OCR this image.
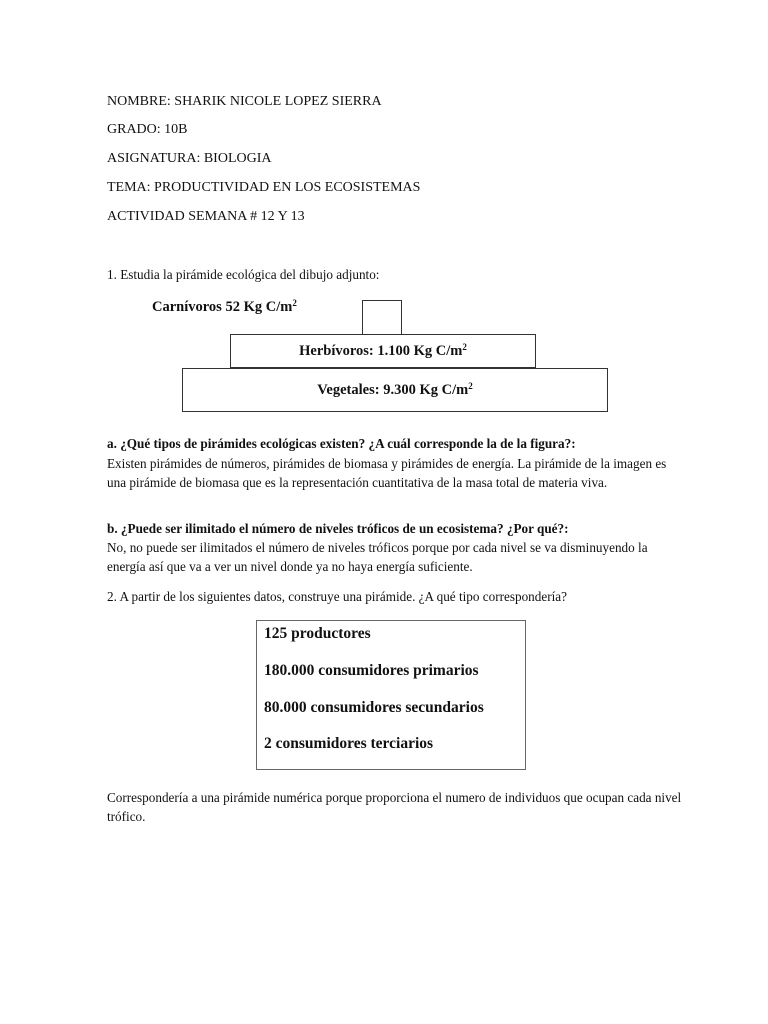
NOMBRE: SHARIK NICOLE LOPEZ SIERRA
GRADO: 10B
ASIGNATURA: BIOLOGIA
TEMA: PRODUCTIVIDAD EN LOS ECOSISTEMAS
ACTIVIDAD SEMANA # 12 Y 13
1. Estudia la pirámide ecológica del dibujo adjunto:
Carnívoros 52 Kg $C/m^2$
Herbívoros: 1.100 Kg $C/m^2$
Vegetales: 9.300 Kg $C/m^2$
a. ¿Qué tipos de pirámides ecológicas existen? ¿A cuál corresponde la de la figura?:
Existen pirámides de números, pirámides de biomasa y pirámides de energía. La pirámide de la imagen es una pirámide de biomasa que es la representación cuantitativa de la masa total de materia viva.
b. ¿Puede ser ilimitado el número de niveles tróficos de un ecosistema? ¿Por qué?:
No, no puede ser ilimitados el número de niveles tróficos porque por cada nivel se va disminuyendo la energía así que va a ver un nivel donde ya no haya energía suficiente.
2. A partir de los siguientes datos, construye una pirámide. ¿A qué tipo correspondería?
125 productores
180.000 consumidores primarios
80.000 consumidores secundarios
2 consumidores terciarios
Correspondería a una pirámide numérica porque proporciona el numero de individuos que ocupan cada nivel trófico.
